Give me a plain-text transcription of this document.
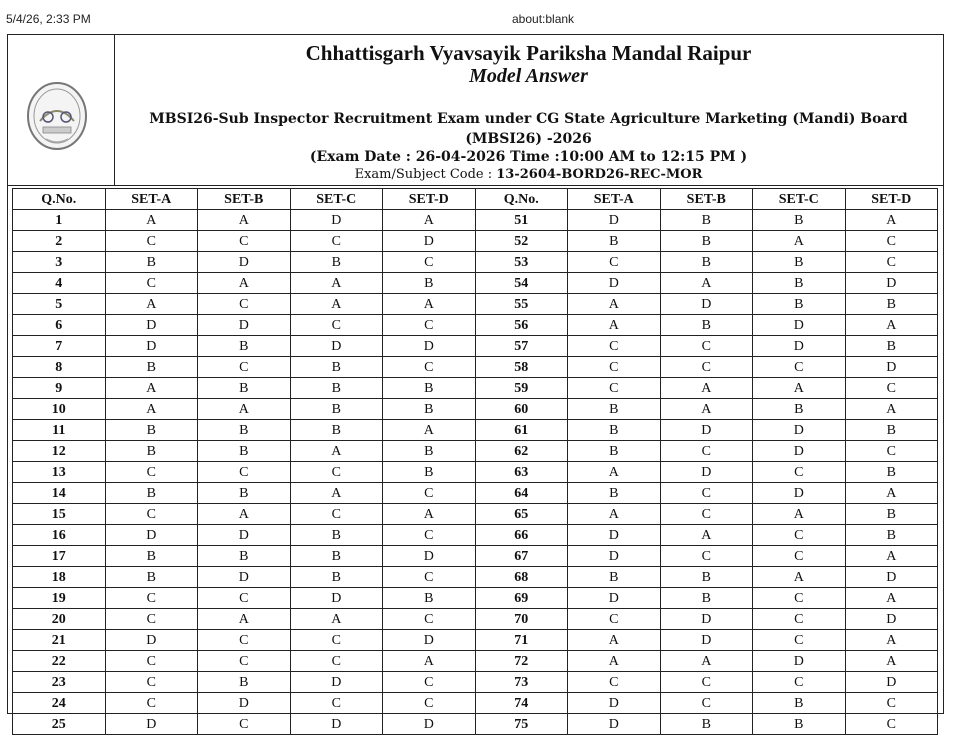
5/4/26, 2:33 PM	about:blank
Chhattisgarh Vyavsayik Pariksha Mandal Raipur
Model Answer
MBSI26-Sub Inspector Recruitment Exam under CG State Agriculture Marketing (Mandi) Board (MBSI26) -2026
(Exam Date : 26-04-2026 Time :10:00 AM to 12:15 PM )
Exam/Subject Code : 13-2604-BORD26-REC-MOR
Q.No.	SET-A	SET-B	SET-C	SET-D	Q.No.	SET-A	SET-B	SET-C	SET-D
1	A	A	D	A	51	D	B	B	A
2	C	C	C	D	52	B	B	A	C
3	B	D	B	C	53	C	B	B	C
4	C	A	A	B	54	D	A	B	D
5	A	C	A	A	55	A	D	B	B
6	D	D	C	C	56	A	B	D	A
7	D	B	D	D	57	C	C	D	B
8	B	C	B	C	58	C	C	C	D
9	A	B	B	B	59	C	A	A	C
10	A	A	B	B	60	B	A	B	A
11	B	B	B	A	61	B	D	D	B
12	B	B	A	B	62	B	C	D	C
13	C	C	C	B	63	A	D	C	B
14	B	B	A	C	64	B	C	D	A
15	C	A	C	A	65	A	C	A	B
16	D	D	B	C	66	D	A	C	B
17	B	B	B	D	67	D	C	C	A
18	B	D	B	C	68	B	B	A	D
19	C	C	D	B	69	D	B	C	A
20	C	A	A	C	70	C	D	C	D
21	D	C	C	D	71	A	D	C	A
22	C	C	C	A	72	A	A	D	A
23	C	B	D	C	73	C	C	C	D
24	C	D	C	C	74	D	C	B	C
25	D	C	D	D	75	D	B	B	C
